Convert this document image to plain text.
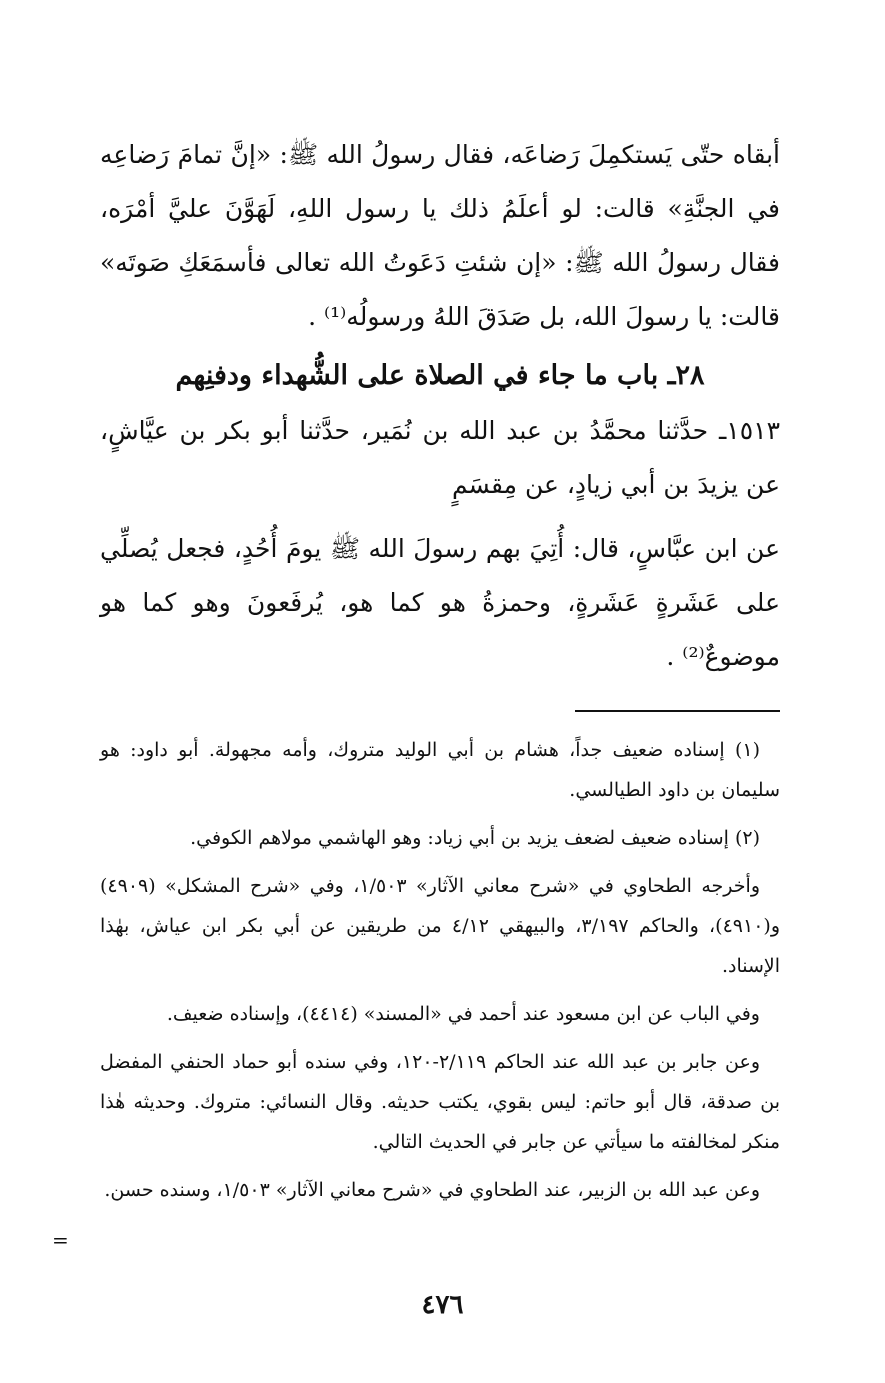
أبقاه حتّى يَستكمِلَ رَضاعَه، فقال رسولُ الله ﷺ: «إنَّ تمامَ رَضاعِه في الجنَّةِ» قالت: لو أعلَمُ ذلك يا رسول اللهِ، لَهَوَّنَ عليَّ أمْرَه، فقال رسولُ الله ﷺ: «إن شئتِ دَعَوتُ الله تعالى فأسمَعَكِ صَوتَه» قالت: يا رسولَ الله، بل صَدَقَ اللهُ ورسولُه⁽¹⁾ .

٢٨ـ باب ما جاء في الصلاة على الشُّهداء ودفنِهم

١٥١٣ـ حدَّثنا محمَّدُ بن عبد الله بن نُمَير، حدَّثنا أبو بكر بن عيَّاشٍ، عن يزيدَ بن أبي زيادٍ، عن مِقسَمٍ

عن ابن عبَّاسٍ، قال: أُتِيَ بهم رسولَ الله ﷺ يومَ أُحُدٍ، فجعل يُصلِّي على عَشَرةٍ عَشَرةٍ، وحمزةُ هو كما هو، يُرفَعونَ وهو كما هو موضوعٌ⁽²⁾ .

(١) إسناده ضعيف جداً، هشام بن أبي الوليد متروك، وأمه مجهولة. أبو داود: هو سليمان بن داود الطيالسي.

(٢) إسناده ضعيف لضعف يزيد بن أبي زياد: وهو الهاشمي مولاهم الكوفي.

وأخرجه الطحاوي في «شرح معاني الآثار» ١/٥٠٣، وفي «شرح المشكل» (٤٩٠٩) و(٤٩١٠)، والحاكم ٣/١٩٧، والبيهقي ٤/١٢ من طريقين عن أبي بكر ابن عياش، بهٰذا الإسناد.

وفي الباب عن ابن مسعود عند أحمد في «المسند» (٤٤١٤)، وإسناده ضعيف.

وعن جابر بن عبد الله عند الحاكم ٢/١١٩-١٢٠، وفي سنده أبو حماد الحنفي المفضل بن صدقة، قال أبو حاتم: ليس بقوي، يكتب حديثه. وقال النسائي: متروك. وحديثه هٰذا منكر لمخالفته ما سيأتي عن جابر في الحديث التالي.

وعن عبد الله بن الزبير، عند الطحاوي في «شرح معاني الآثار» ١/٥٠٣، وسنده حسن.

=
٤٧٦
